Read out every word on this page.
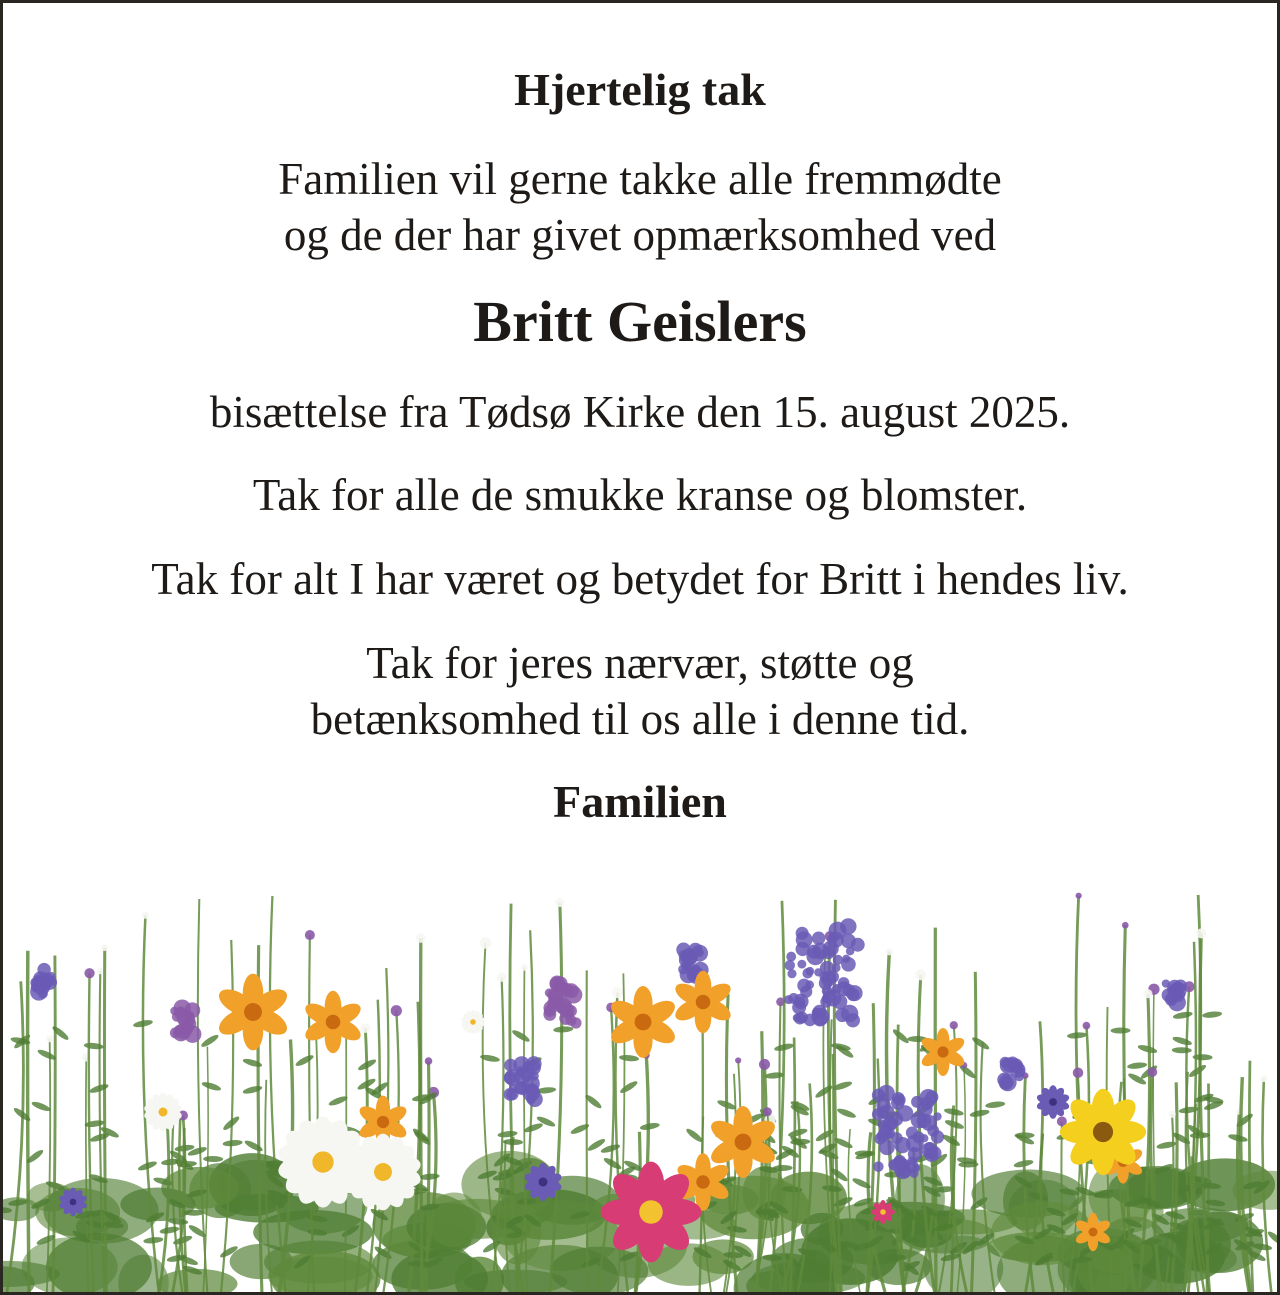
Hjertelig tak
Familien vil gerne takke alle fremmødte
og de der har givet opmærksomhed ved
Britt Geislers
bisættelse fra Tødsø Kirke den 15. august 2025.
Tak for alle de smukke kranse og blomster.
Tak for alt I har været og betydet for Britt i hendes liv.
Tak for jeres nærvær, støtte og
betænksomhed til os alle i denne tid.
Familien
